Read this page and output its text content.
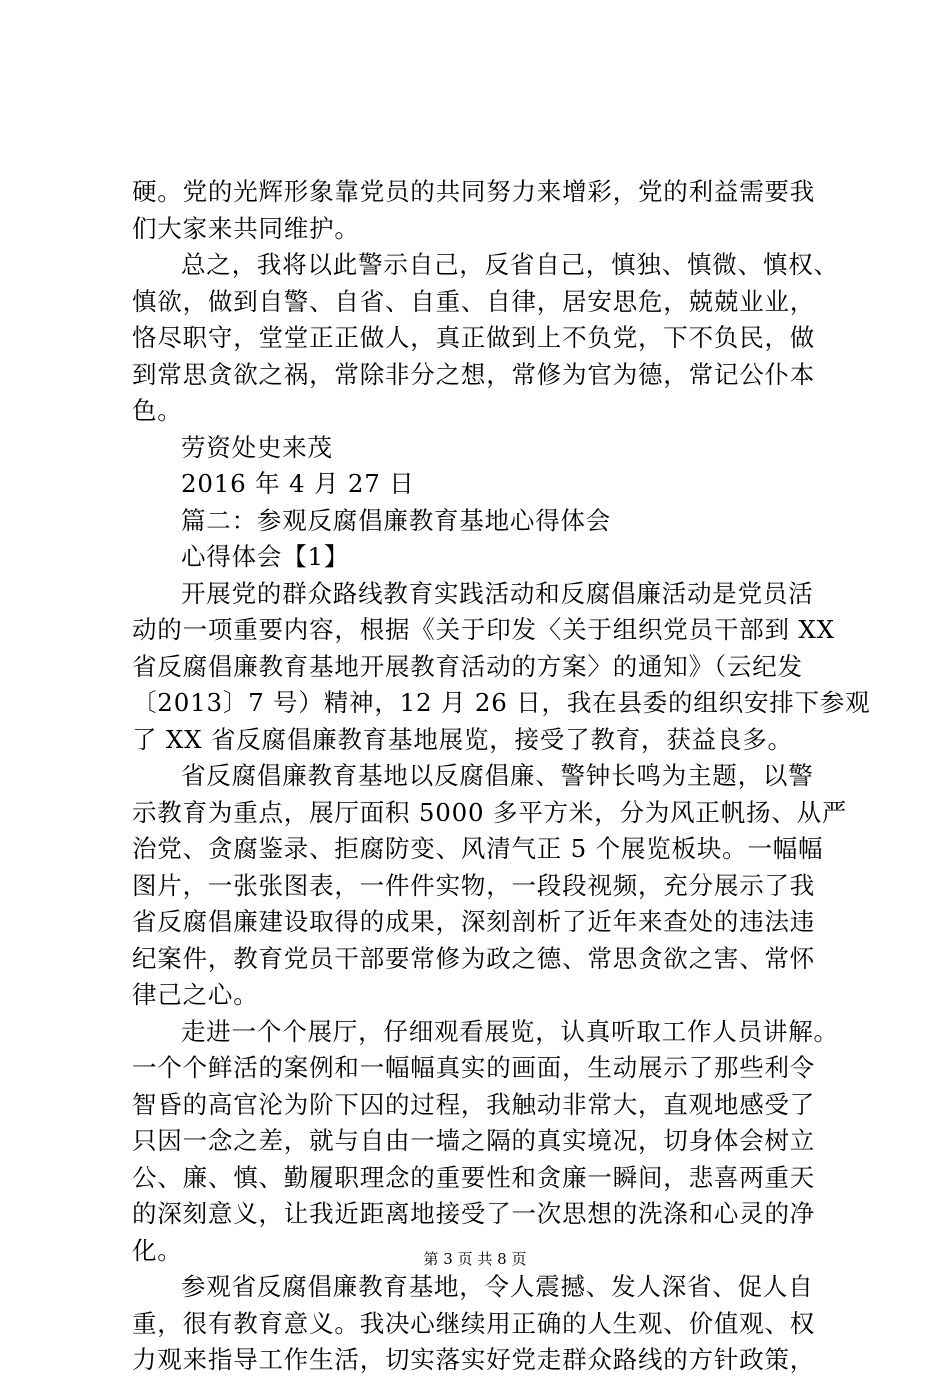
硬。党的光辉形象靠党员的共同努力来增彩，党的利益需要我
们大家来共同维护。
总之，我将以此警示自己，反省自己，慎独、慎微、慎权、
慎欲，做到自警、自省、自重、自律，居安思危，兢兢业业，
恪尽职守，堂堂正正做人，真正做到上不负党，下不负民，做
到常思贪欲之祸，常除非分之想，常修为官为德，常记公仆本
色。
劳资处史来茂
2016 年 4 月 27 日
篇二：参观反腐倡廉教育基地心得体会
心得体会【1】
开展党的群众路线教育实践活动和反腐倡廉活动是党员活
动的一项重要内容，根据《关于印发〈关于组织党员干部到 XX
省反腐倡廉教育基地开展教育活动的方案〉的通知》（云纪发
〔2013〕7 号）精神，12 月 26 日，我在县委的组织安排下参观
了 XX 省反腐倡廉教育基地展览，接受了教育，获益良多。
省反腐倡廉教育基地以反腐倡廉、警钟长鸣为主题，以警
示教育为重点，展厅面积 5000 多平方米，分为风正帆扬、从严
治党、贪腐鉴录、拒腐防变、风清气正 5 个展览板块。一幅幅
图片，一张张图表，一件件实物，一段段视频，充分展示了我
省反腐倡廉建设取得的成果，深刻剖析了近年来查处的违法违
纪案件，教育党员干部要常修为政之德、常思贪欲之害、常怀
律己之心。
走进一个个展厅，仔细观看展览，认真听取工作人员讲解。
一个个鲜活的案例和一幅幅真实的画面，生动展示了那些利令
智昏的高官沦为阶下囚的过程，我触动非常大，直观地感受了
只因一念之差，就与自由一墙之隔的真实境况，切身体会树立
公、廉、慎、勤履职理念的重要性和贪廉一瞬间，悲喜两重天
的深刻意义，让我近距离地接受了一次思想的洗涤和心灵的净
化。
参观省反腐倡廉教育基地，令人震撼、发人深省、促人自
重，很有教育意义。我决心继续用正确的人生观、价值观、权
力观来指导工作生活，切实落实好党走群众路线的方针政策，
第 3 页 共 8 页
